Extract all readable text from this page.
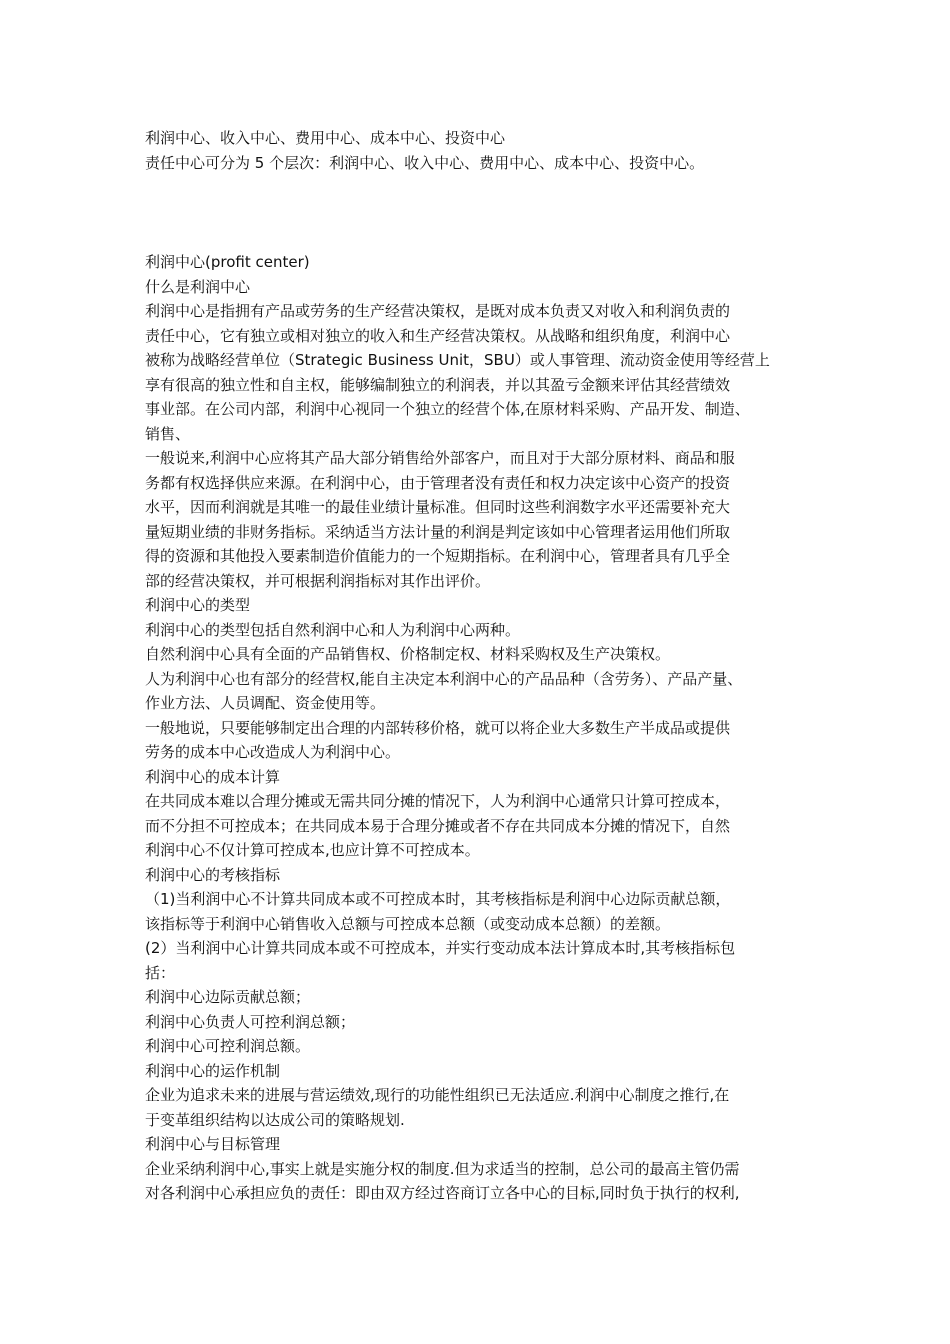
利润中心、收入中心、费用中心、成本中心、投资中心
责任中心可分为 5 个层次：利润中心、收入中心、费用中心、成本中心、投资中心。
利润中心(profit center)
什么是利润中心
利润中心是指拥有产品或劳务的生产经营决策权，是既对成本负责又对收入和利润负责的
责任中心，它有独立或相对独立的收入和生产经营决策权。从战略和组织角度，利润中心
被称为战略经营单位（Strategic Business Unit，SBU）或人事管理、流动资金使用等经营上
享有很高的独立性和自主权，能够编制独立的利润表，并以其盈亏金额来评估其经营绩效
事业部。在公司内部，利润中心视同一个独立的经营个体,在原材料采购、产品开发、制造、
销售、
一般说来,利润中心应将其产品大部分销售给外部客户，而且对于大部分原材料、商品和服
务都有权选择供应来源。在利润中心，由于管理者没有责任和权力决定该中心资产的投资
水平，因而利润就是其唯一的最佳业绩计量标准。但同时这些利润数字水平还需要补充大
量短期业绩的非财务指标。采纳适当方法计量的利润是判定该如中心管理者运用他们所取
得的资源和其他投入要素制造价值能力的一个短期指标。在利润中心，管理者具有几乎全
部的经营决策权，并可根据利润指标对其作出评价。
利润中心的类型
利润中心的类型包括自然利润中心和人为利润中心两种。
自然利润中心具有全面的产品销售权、价格制定权、材料采购权及生产决策权。
人为利润中心也有部分的经营权,能自主决定本利润中心的产品品种（含劳务）、产品产量、
作业方法、人员调配、资金使用等。
一般地说，只要能够制定出合理的内部转移价格，就可以将企业大多数生产半成品或提供
劳务的成本中心改造成人为利润中心。
利润中心的成本计算
在共同成本难以合理分摊或无需共同分摊的情况下，人为利润中心通常只计算可控成本，
而不分担不可控成本；在共同成本易于合理分摊或者不存在共同成本分摊的情况下，自然
利润中心不仅计算可控成本,也应计算不可控成本。
利润中心的考核指标
（1)当利润中心不计算共同成本或不可控成本时，其考核指标是利润中心边际贡献总额，
该指标等于利润中心销售收入总额与可控成本总额（或变动成本总额）的差额。
(2）当利润中心计算共同成本或不可控成本，并实行变动成本法计算成本时,其考核指标包
括：
利润中心边际贡献总额；
利润中心负责人可控利润总额；
利润中心可控利润总额。
利润中心的运作机制
企业为追求未来的进展与营运绩效,现行的功能性组织已无法适应.利润中心制度之推行,在
于变革组织结构以达成公司的策略规划.
利润中心与目标管理
企业采纳利润中心,事实上就是实施分权的制度.但为求适当的控制，总公司的最高主管仍需
对各利润中心承担应负的责任：即由双方经过咨商订立各中心的目标,同时负于执行的权利,
